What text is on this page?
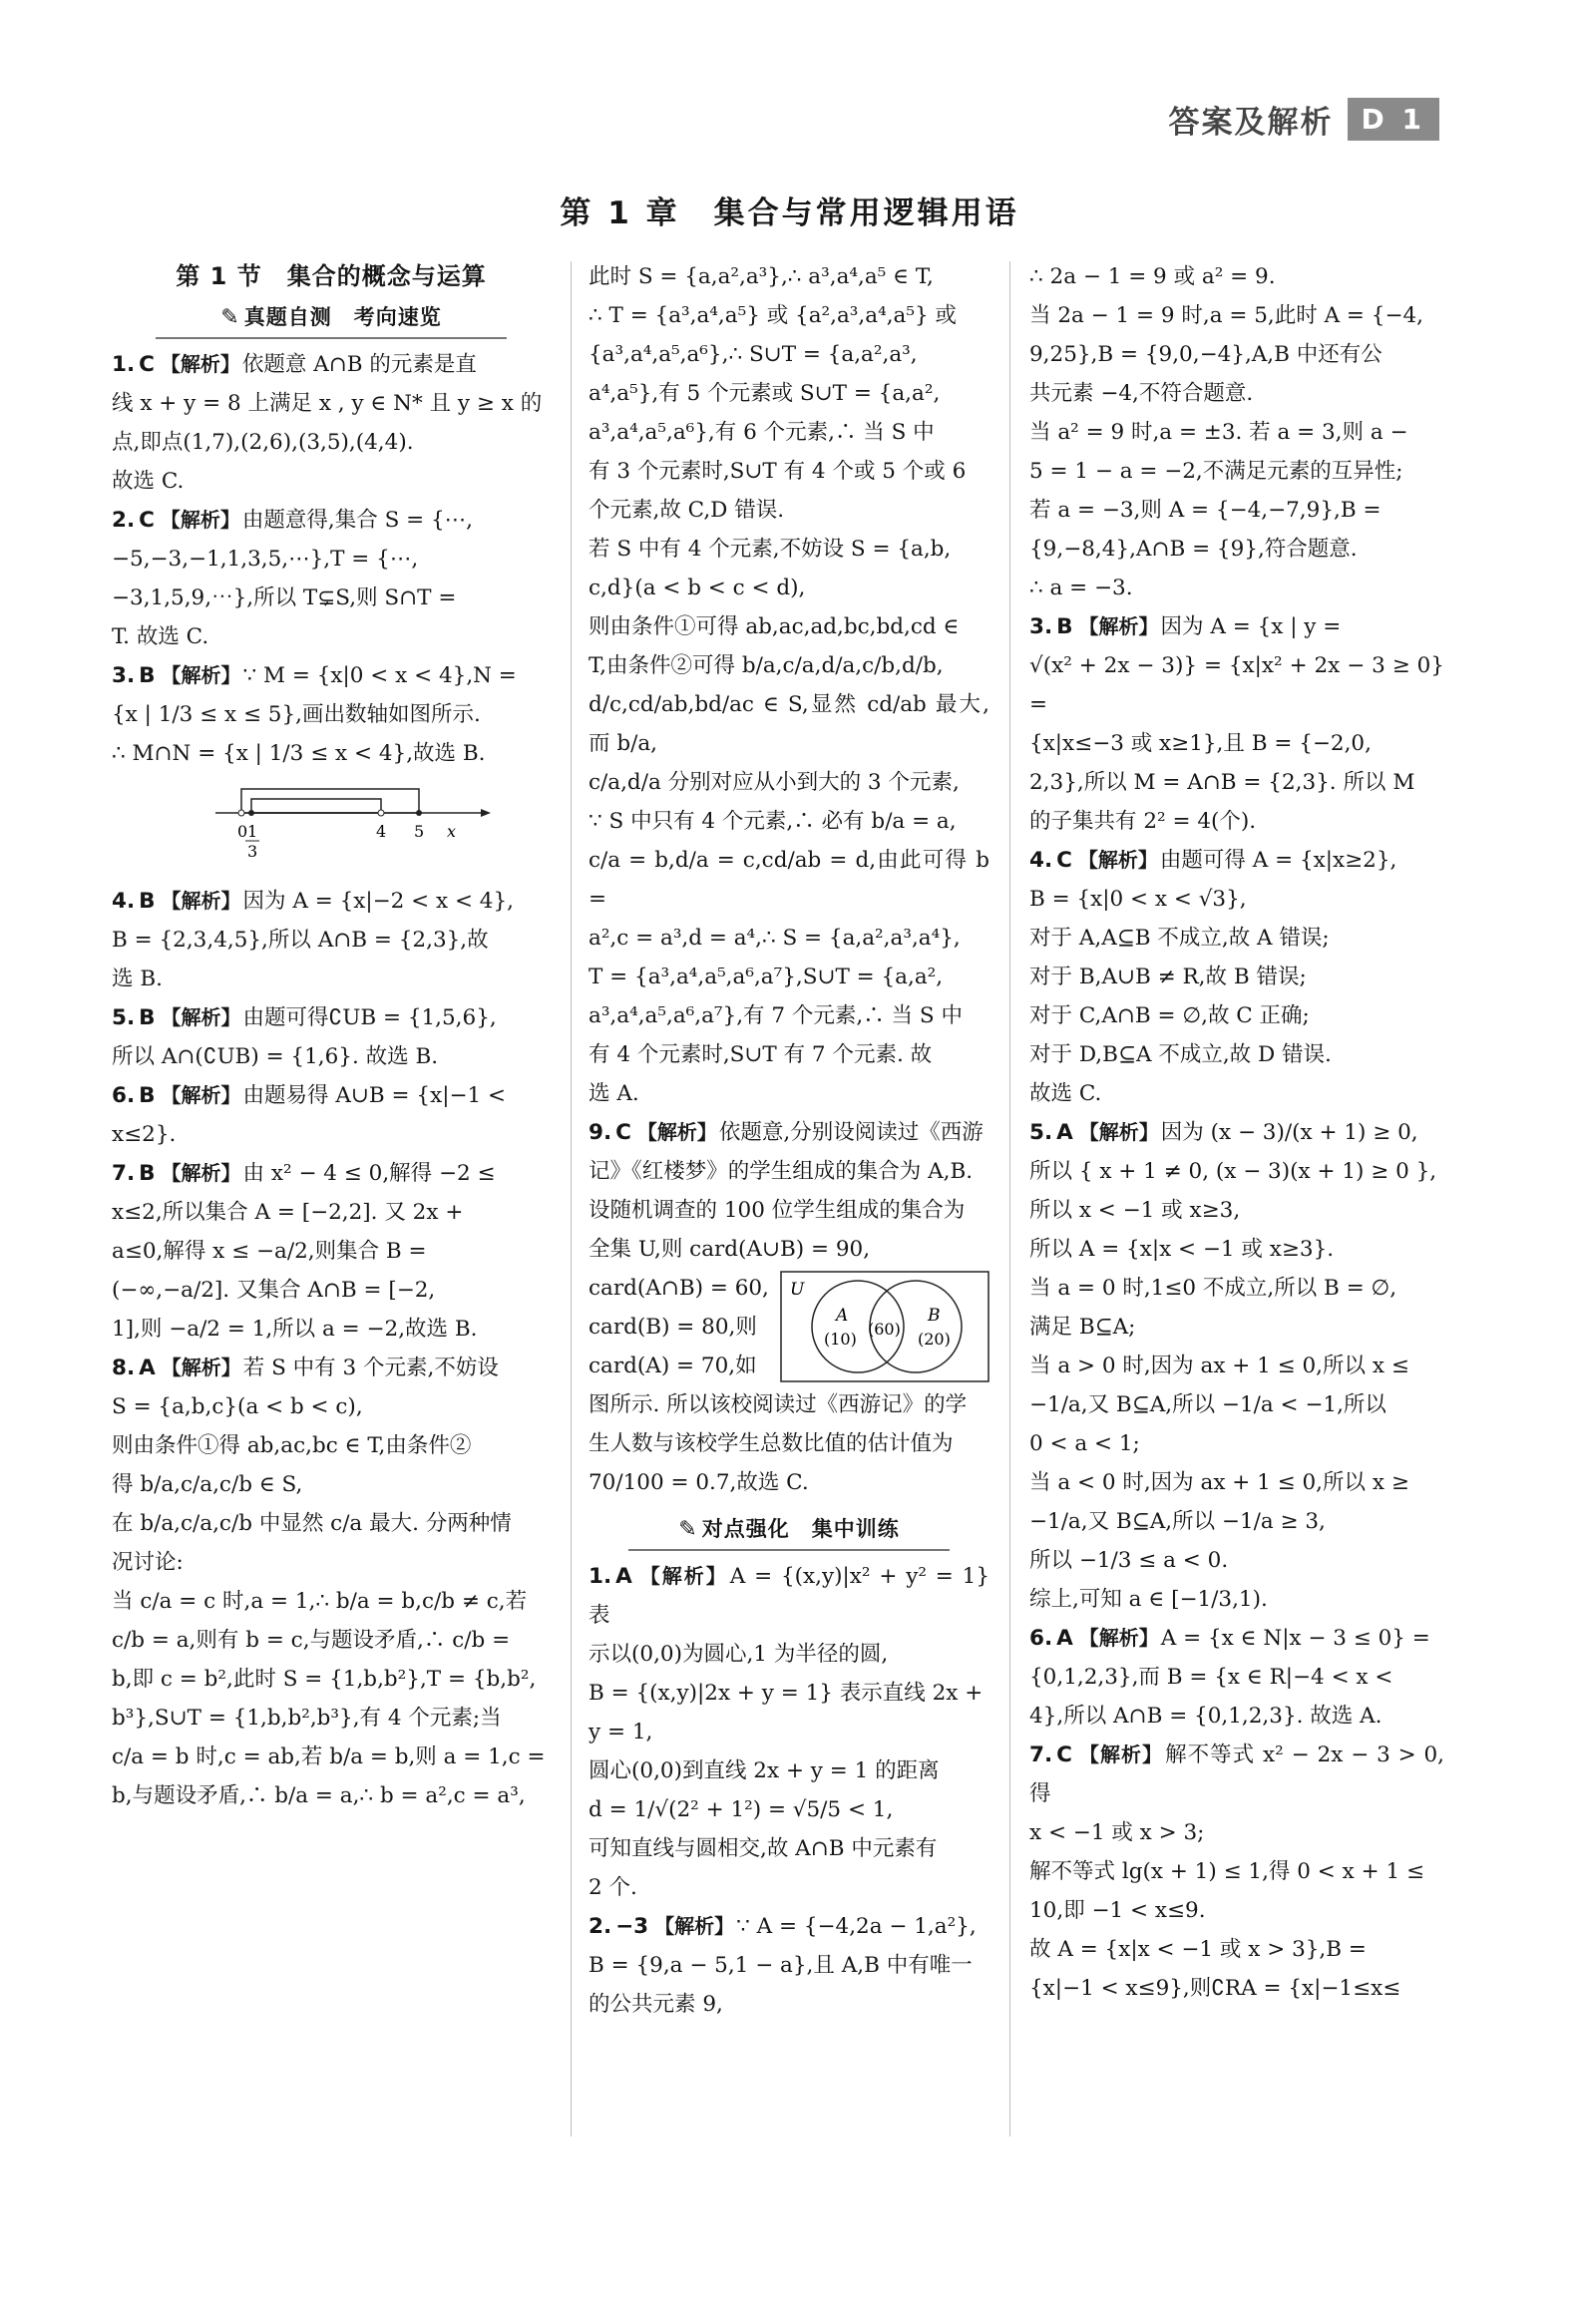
答案及解析	D 1
第 1 章　集合与常用逻辑用语
第 1 节　集合的概念与运算
✎ 真题自测　考向速览
1. C 【解析】依题意 A∩B 的元素是直
线 x + y = 8 上满足 x , y ∈ N* 且 y ≥ x 的
点,即点(1,7),(2,6),(3,5),(4,4).
故选 C.
2. C 【解析】由题意得,集合 S = {⋯,
−5,−3,−1,1,3,5,⋯},T = {⋯,
−3,1,5,9,⋯},所以 T⊊S,则 S∩T =
T. 故选 C.
3. B 【解析】∵ M = {x|0 < x < 4},N =
{x | 1/3 ≤ x ≤ 5},画出数轴如图所示.
∴ M∩N = {x | 1/3 ≤ x < 4},故选 B.
0 1
3
4 5 x
4. B 【解析】因为 A = {x|−2 < x < 4},
B = {2,3,4,5},所以 A∩B = {2,3},故
选 B.
5. B 【解析】由题可得∁UB = {1,5,6},
所以 A∩(∁UB) = {1,6}. 故选 B.
6. B 【解析】由题易得 A∪B = {x|−1 <
x≤2}.
7. B 【解析】由 x² − 4 ≤ 0,解得 −2 ≤
x≤2,所以集合 A = [−2,2]. 又 2x +
a≤0,解得 x ≤ −a/2,则集合 B =
(−∞,−a/2]. 又集合 A∩B = [−2,
1],则 −a/2 = 1,所以 a = −2,故选 B.
8. A 【解析】若 S 中有 3 个元素,不妨设
S = {a,b,c}(a < b < c),
则由条件①得 ab,ac,bc ∈ T,由条件②
得 b/a,c/a,c/b ∈ S,
在 b/a,c/a,c/b 中显然 c/a 最大. 分两种情
况讨论:
当 c/a = c 时,a = 1,∴ b/a = b,c/b ≠ c,若
c/b = a,则有 b = c,与题设矛盾,∴ c/b =
b,即 c = b²,此时 S = {1,b,b²},T = {b,b²,
b³},S∪T = {1,b,b²,b³},有 4 个元素;当
c/a = b 时,c = ab,若 b/a = b,则 a = 1,c =
b,与题设矛盾,∴ b/a = a,∴ b = a²,c = a³,
此时 S = {a,a²,a³},∴ a³,a⁴,a⁵ ∈ T,
∴ T = {a³,a⁴,a⁵} 或 {a²,a³,a⁴,a⁵} 或
{a³,a⁴,a⁵,a⁶},∴ S∪T = {a,a²,a³,
a⁴,a⁵},有 5 个元素或 S∪T = {a,a²,
a³,a⁴,a⁵,a⁶},有 6 个元素,∴ 当 S 中
有 3 个元素时,S∪T 有 4 个或 5 个或 6
个元素,故 C,D 错误.
若 S 中有 4 个元素,不妨设 S = {a,b,
c,d}(a < b < c < d),
则由条件①可得 ab,ac,ad,bc,bd,cd ∈
T,由条件②可得 b/a,c/a,d/a,c/b,d/b,
d/c,cd/ab,bd/ac ∈ S,显然 cd/ab 最大,而 b/a,
c/a,d/a 分别对应从小到大的 3 个元素,
∵ S 中只有 4 个元素,∴ 必有 b/a = a,
c/a = b,d/a = c,cd/ab = d,由此可得 b =
a²,c = a³,d = a⁴,∴ S = {a,a²,a³,a⁴},
T = {a³,a⁴,a⁵,a⁶,a⁷},S∪T = {a,a²,
a³,a⁴,a⁵,a⁶,a⁷},有 7 个元素,∴ 当 S 中
有 4 个元素时,S∪T 有 7 个元素. 故
选 A.
9. C 【解析】依题意,分别设阅读过《西游
记》《红楼梦》的学生组成的集合为 A,B.
设随机调查的 100 位学生组成的集合为
全集 U,则 card(A∪B) = 90,
card(A∩B) = 60,
card(B) = 80,则
card(A) = 70,如
图所示. 所以该校阅读过《西游记》的学
生人数与该校学生总数比值的估计值为
70/100 = 0.7,故选 C.
U
A	B
(10)
(60)
(20)
✎ 对点强化　集中训练
1. A 【解析】A = {(x,y)|x² + y² = 1} 表
示以(0,0)为圆心,1 为半径的圆,
B = {(x,y)|2x + y = 1} 表示直线 2x +
y = 1,
圆心(0,0)到直线 2x + y = 1 的距离
d = 1/√(2² + 1²) = √5/5 < 1,
可知直线与圆相交,故 A∩B 中元素有
2 个.
2. −3 【解析】∵ A = {−4,2a − 1,a²},
B = {9,a − 5,1 − a},且 A,B 中有唯一
的公共元素 9,
∴ 2a − 1 = 9 或 a² = 9.
当 2a − 1 = 9 时,a = 5,此时 A = {−4,
9,25},B = {9,0,−4},A,B 中还有公
共元素 −4,不符合题意.
当 a² = 9 时,a = ±3. 若 a = 3,则 a −
5 = 1 − a = −2,不满足元素的互异性;
若 a = −3,则 A = {−4,−7,9},B =
{9,−8,4},A∩B = {9},符合题意.
∴ a = −3.
3. B 【解析】因为 A = {x | y =
√(x² + 2x − 3)} = {x|x² + 2x − 3 ≥ 0} =
{x|x≤−3 或 x≥1},且 B = {−2,0,
2,3},所以 M = A∩B = {2,3}. 所以 M
的子集共有 2² = 4(个).
4. C 【解析】由题可得 A = {x|x≥2},
B = {x|0 < x < √3},
对于 A,A⊆B 不成立,故 A 错误;
对于 B,A∪B ≠ R,故 B 错误;
对于 C,A∩B = ∅,故 C 正确;
对于 D,B⊆A 不成立,故 D 错误.
故选 C.
5. A 【解析】因为 (x − 3)/(x + 1) ≥ 0,
所以 { x + 1 ≠ 0, (x − 3)(x + 1) ≥ 0 },
所以 x < −1 或 x≥3,
所以 A = {x|x < −1 或 x≥3}.
当 a = 0 时,1≤0 不成立,所以 B = ∅,
满足 B⊆A;
当 a > 0 时,因为 ax + 1 ≤ 0,所以 x ≤
−1/a,又 B⊆A,所以 −1/a < −1,所以
0 < a < 1;
当 a < 0 时,因为 ax + 1 ≤ 0,所以 x ≥
−1/a,又 B⊆A,所以 −1/a ≥ 3,
所以 −1/3 ≤ a < 0.
综上,可知 a ∈ [−1/3,1).
6. A 【解析】A = {x ∈ N|x − 3 ≤ 0} =
{0,1,2,3},而 B = {x ∈ R|−4 < x <
4},所以 A∩B = {0,1,2,3}. 故选 A.
7. C 【解析】解不等式 x² − 2x − 3 > 0,得
x < −1 或 x > 3;
解不等式 lg(x + 1) ≤ 1,得 0 < x + 1 ≤
10,即 −1 < x≤9.
故 A = {x|x < −1 或 x > 3},B =
{x|−1 < x≤9},则∁RA = {x|−1≤x≤
